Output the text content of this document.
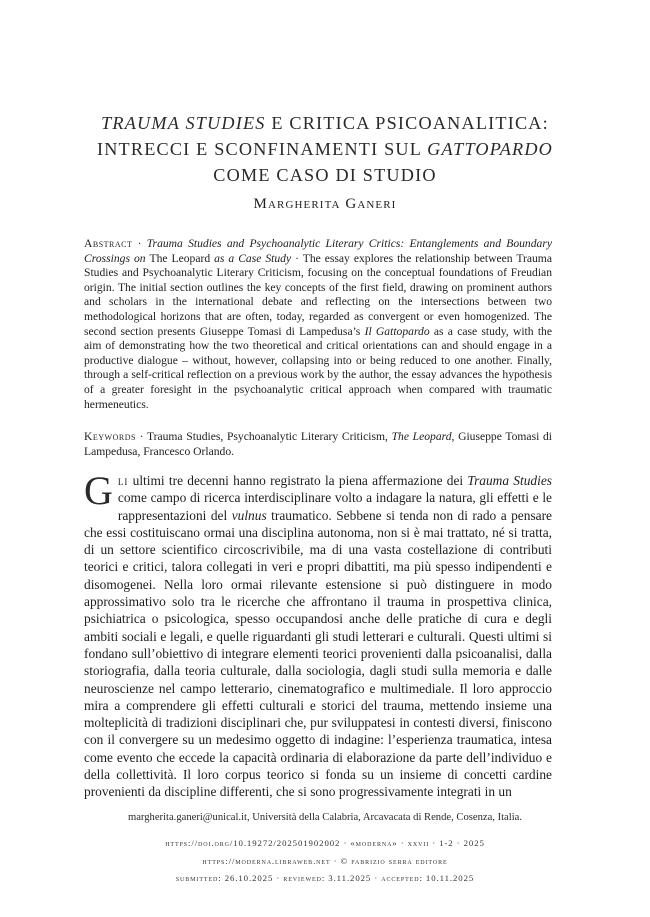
TRAUMA STUDIES E CRITICA PSICOANALITICA:
INTRECCI E SCONFINAMENTI SUL GATTOPARDO
COME CASO DI STUDIO
Margherita Ganeri
Abstract · Trauma Studies and Psychoanalytic Literary Critics: Entanglements and Boundary Crossings on The Leopard as a Case Study · The essay explores the relationship between Trauma Studies and Psychoanalytic Literary Criticism, focusing on the conceptual foundations of Freudian origin. The initial section outlines the key concepts of the first field, drawing on prominent authors and scholars in the international debate and reflecting on the intersections between two methodological horizons that are often, today, regarded as convergent or even homogenized. The second section presents Giuseppe Tomasi di Lampedusa’s Il Gattopardo as a case study, with the aim of demonstrating how the two theoretical and critical orientations can and should engage in a productive dialogue – without, however, collapsing into or being reduced to one another. Finally, through a self-critical reflection on a previous work by the author, the essay advances the hypothesis of a greater foresight in the psychoanalytic critical approach when compared with traumatic hermeneutics.
Keywords · Trauma Studies, Psychoanalytic Literary Criticism, The Leopard, Giuseppe Tomasi di Lampedusa, Francesco Orlando.
Gli ultimi tre decenni hanno registrato la piena affermazione dei Trauma Studies come campo di ricerca interdisciplinare volto a indagare la natura, gli effetti e le rappresentazioni del vulnus traumatico. Sebbene si tenda non di rado a pensare che essi costituiscano ormai una disciplina autonoma, non si è mai trattato, né si tratta, di un settore scientifico circoscrivibile, ma di una vasta costellazione di contributi teorici e critici, talora collegati in veri e propri dibattiti, ma più spesso indipendenti e disomogenei. Nella loro ormai rilevante estensione si può distinguere in modo approssimativo solo tra le ricerche che affrontano il trauma in prospettiva clinica, psichiatrica o psicologica, spesso occupandosi anche delle pratiche di cura e degli ambiti sociali e legali, e quelle riguardanti gli studi letterari e culturali. Questi ultimi si fondano sull’obiettivo di integrare elementi teorici provenienti dalla psicoanalisi, dalla storiografia, dalla teoria culturale, dalla sociologia, dagli studi sulla memoria e dalle neuroscienze nel campo letterario, cinematografico e multimediale. Il loro approccio mira a comprendere gli effetti culturali e storici del trauma, mettendo insieme una molteplicità di tradizioni disciplinari che, pur sviluppatesi in contesti diversi, finiscono con il convergere su un medesimo oggetto di indagine: l’esperienza traumatica, intesa come evento che eccede la capacità ordinaria di elaborazione da parte dell’individuo e della collettività. Il loro corpus teorico si fonda su un insieme di concetti cardine provenienti da discipline differenti, che si sono progressivamente integrati in un
margherita.ganeri@unical.it, Università della Calabria, Arcavacata di Rende, Cosenza, Italia.
https://doi.org/10.19272/202501902002 · «moderna» · xxvii · 1-2 · 2025
https://moderna.libraweb.net · © fabrizio serra editore
submitted: 26.10.2025 · reviewed: 3.11.2025 · accepted: 10.11.2025
